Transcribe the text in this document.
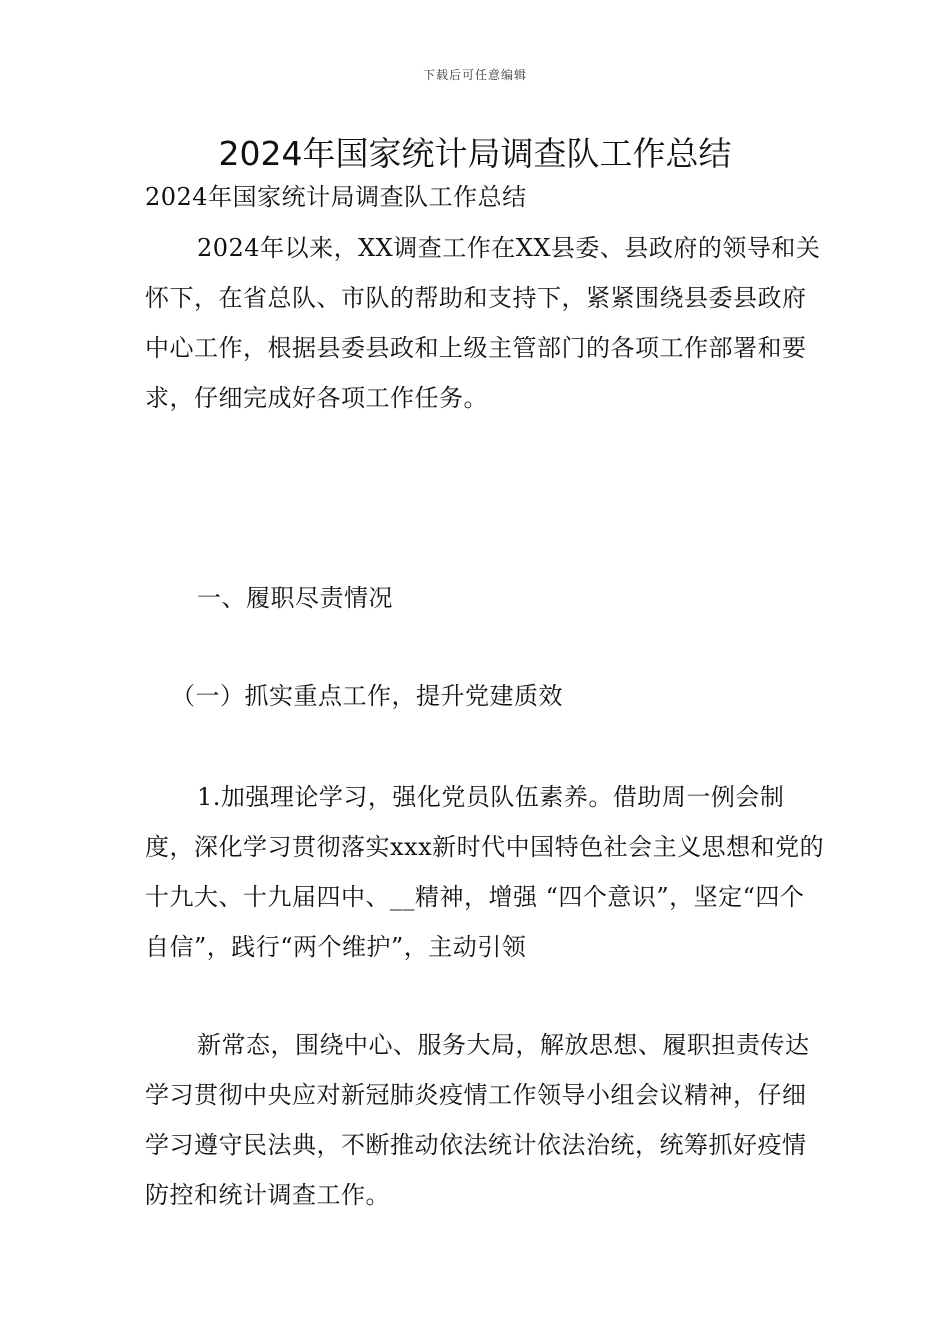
下载后可任意编辑
2024年国家统计局调查队工作总结

2024年国家统计局调查队工作总结

2024年以来，XX调查工作在XX县委、县政府的领导和关怀下，在省总队、市队的帮助和支持下，紧紧围绕县委县政府中心工作，根据县委县政和上级主管部门的各项工作部署和要求，仔细完成好各项工作任务。

一、履职尽责情况

（一）抓实重点工作，提升党建质效

1.加强理论学习，强化党员队伍素养。借助周一例会制度，深化学习贯彻落实xxx新时代中国特色社会主义思想和党的十九大、十九届四中、__精神，增强 “四个意识”，坚定“四个自信”，践行“两个维护”，主动引领

新常态，围绕中心、服务大局，解放思想、履职担责传达学习贯彻中央应对新冠肺炎疫情工作领导小组会议精神，仔细学习遵守民法典，不断推动依法统计依法治统，统筹抓好疫情防控和统计调查工作。
